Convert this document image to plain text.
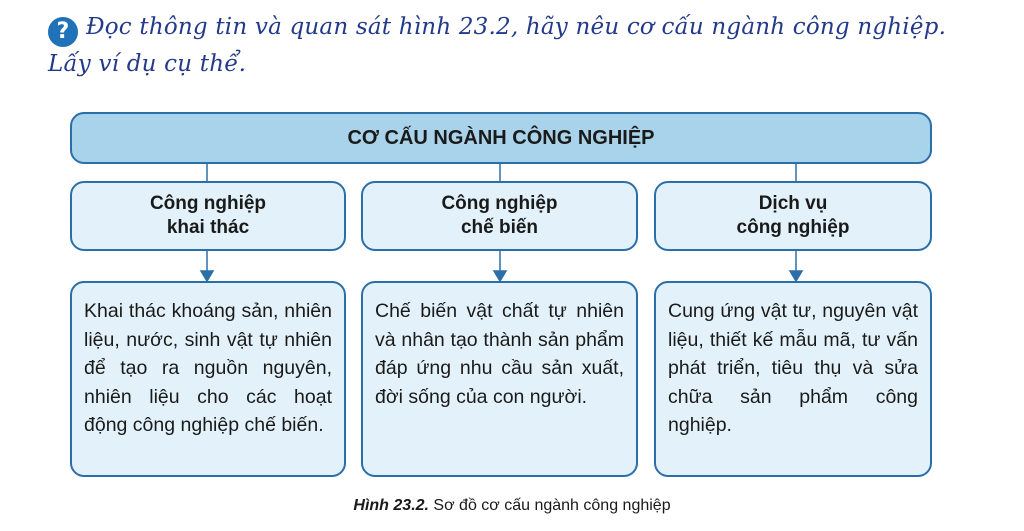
? Đọc thông tin và quan sát hình 23.2, hãy nêu cơ cấu ngành công nghiệp. Lấy ví dụ cụ thể.
CƠ CẤU NGÀNH CÔNG NGHIỆP
Công nghiệp
khai thác
Công nghiệp
chế biến
Dịch vụ
công nghiệp
Khai thác khoáng sản, nhiên liệu, nước, sinh vật tự nhiên để tạo ra nguồn nguyên, nhiên liệu cho các hoạt động công nghiệp chế biến.
Chế biến vật chất tự nhiên và nhân tạo thành sản phẩm đáp ứng nhu cầu sản xuất, đời sống của con người.
Cung ứng vật tư, nguyên vật liệu, thiết kế mẫu mã, tư vấn phát triển, tiêu thụ và sửa chữa sản phẩm công nghiệp.
Hình 23.2. Sơ đồ cơ cấu ngành công nghiệp
